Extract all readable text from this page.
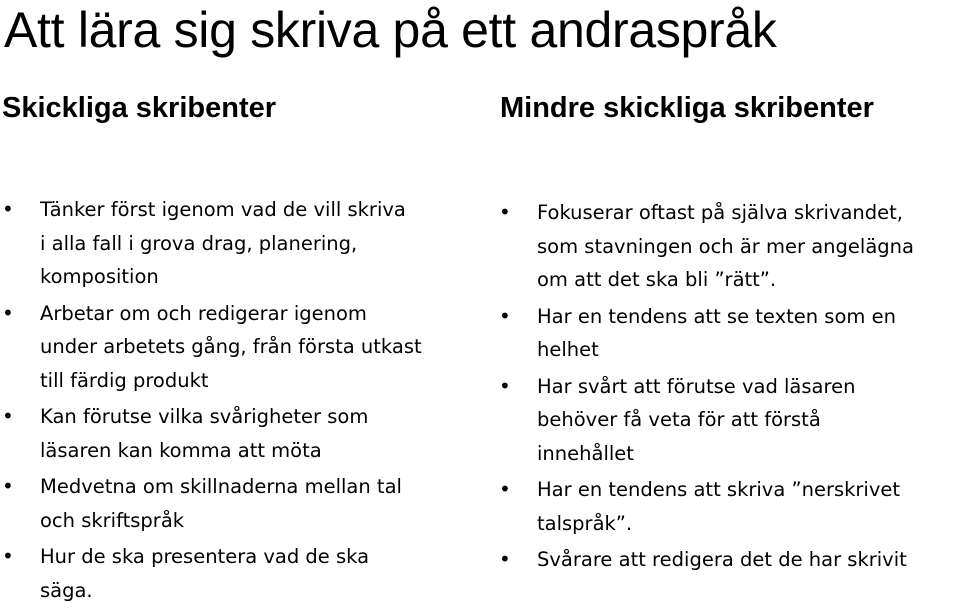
Att lära sig skriva på ett andraspråk
Skickliga skribenter	Mindre skickliga skribenter
• Tänker först igenom vad de vill skriva
i alla fall i grova drag, planering,
komposition
• Arbetar om och redigerar igenom
under arbetets gång, från första utkast
till färdig produkt
• Kan förutse vilka svårigheter som
läsaren kan komma att möta
• Medvetna om skillnaderna mellan tal
och skriftspråk
• Hur de ska presentera vad de ska
säga.
• Fokuserar oftast på själva skrivandet,
som stavningen och är mer angelägna
om att det ska bli ”rätt”.
• Har en tendens att se texten som en
helhet
• Har svårt att förutse vad läsaren
behöver få veta för att förstå
innehållet
• Har en tendens att skriva ”nerskrivet
talspråk”.
• Svårare att redigera det de har skrivit
